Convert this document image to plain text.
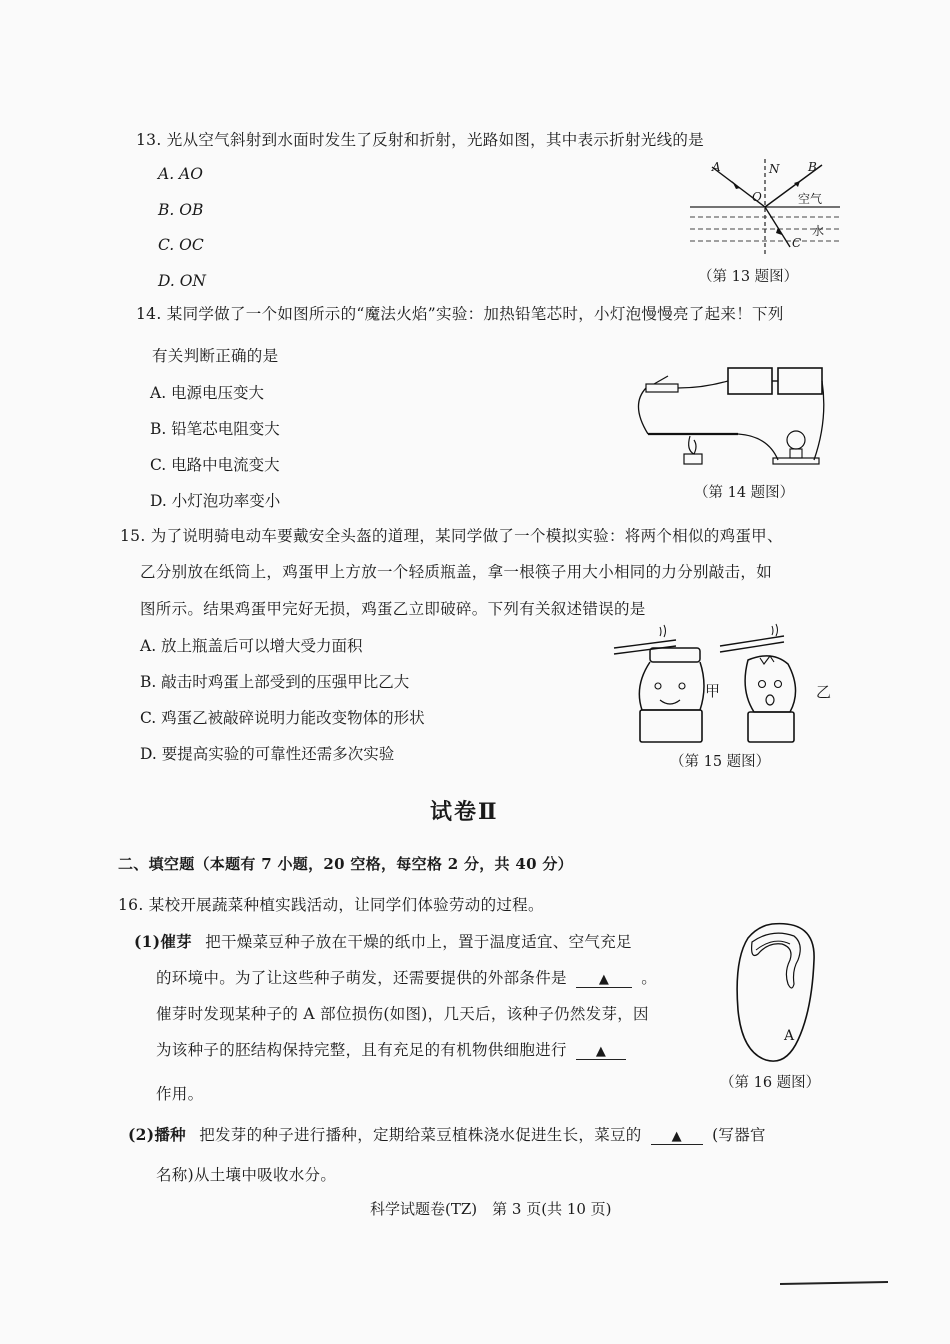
13. 光从空气斜射到水面时发生了反射和折射，光路如图，其中表示折射光线的是
A. AO
B. OB
C. OC
D. ON
A	N B
O	空气
水
C
（第 13 题图）
14. 某同学做了一个如图所示的“魔法火焰”实验：加热铅笔芯时，小灯泡慢慢亮了起来！下列
有关判断正确的是
A. 电源电压变大
B. 铅笔芯电阻变大
C. 电路中电流变大
D. 小灯泡功率变小	（第 14 题图）
15. 为了说明骑电动车要戴安全头盔的道理，某同学做了一个模拟实验：将两个相似的鸡蛋甲、
乙分别放在纸筒上，鸡蛋甲上方放一个轻质瓶盖，拿一根筷子用大小相同的力分别敲击，如
图所示。结果鸡蛋甲完好无损，鸡蛋乙立即破碎。下列有关叙述错误的是
A. 放上瓶盖后可以增大受力面积
B. 敲击时鸡蛋上部受到的压强甲比乙大
C. 鸡蛋乙被敲碎说明力能改变物体的形状
D. 要提高实验的可靠性还需多次实验
甲	乙
（第 15 题图）
试卷Ⅱ
二、填空题（本题有 7 小题，20 空格，每空格 2 分，共 40 分）
16. 某校开展蔬菜种植实践活动，让同学们体验劳动的过程。
(1)催芽 把干燥菜豆种子放在干燥的纸巾上，置于温度适宜、空气充足
的环境中。为了让这些种子萌发，还需要提供的外部条件是 ▲ 。
催芽时发现某种子的 A 部位损伤(如图)，几天后，该种子仍然发芽，因
为该种子的胚结构保持完整，且有充足的有机物供细胞进行 ▲
作用。
A
（第 16 题图）
(2)播种 把发芽的种子进行播种，定期给菜豆植株浇水促进生长，菜豆的 ▲ (写器官
名称)从土壤中吸收水分。
科学试题卷(TZ)　第 3 页(共 10 页)
